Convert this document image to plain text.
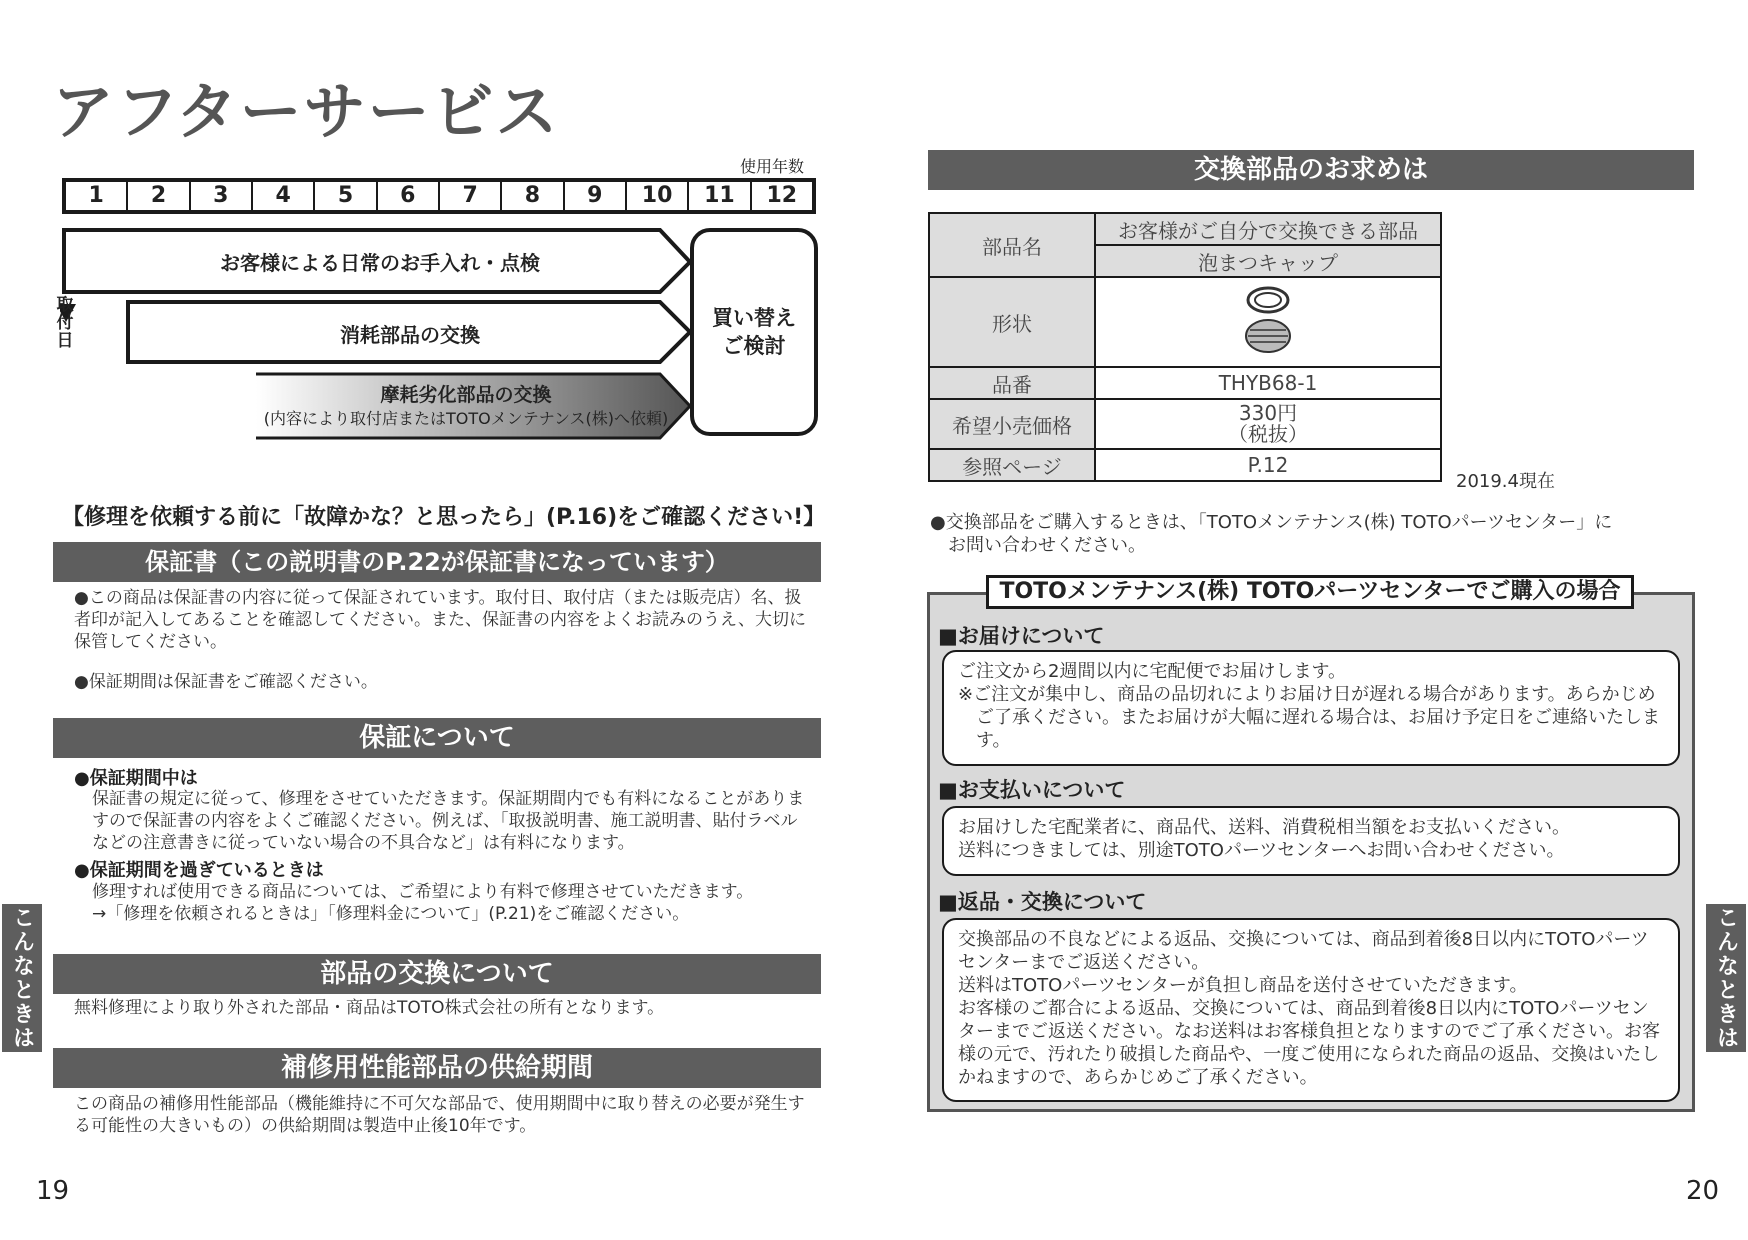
アフターサービス
使用年数
1	2	3	4	5	6	7	8	9	10	11	12
お客様による日常のお手入れ・点検
消耗部品の交換
摩耗劣化部品の交換
(内容により取付店またはTOTOメンテナンス(株)へ依頼)
取付日
買い替え
ご検討
【修理を依頼する前に「故障かな？と思ったら」(P.16)をご確認ください!】
保証書（この説明書のP.22が保証書になっています）
●この商品は保証書の内容に従って保証されています。取付日、取付店（または販売店）名、扱者印が記入してあることを確認してください。また、保証書の内容をよくお読みのうえ、大切に保管してください。
●保証期間は保証書をご確認ください。
保証について
●保証期間中は
保証書の規定に従って、修理をさせていただきます。保証期間内でも有料になることがありますので保証書の内容をよくご確認ください。例えば、「取扱説明書、施工説明書、貼付ラベルなどの注意書きに従っていない場合の不具合など」は有料になります。
●保証期間を過ぎているときは
修理すれば使用できる商品については、ご希望により有料で修理させていただきます。
→「修理を依頼されるときは」「修理料金について」(P.21)をご確認ください。
部品の交換について
無料修理により取り外された部品・商品はTOTO株式会社の所有となります。
補修用性能部品の供給期間
この商品の補修用性能部品（機能維持に不可欠な部品で、使用期間中に取り替えの必要が発生する可能性の大きいもの）の供給期間は製造中止後10年です。
こんなときは
19
交換部品のお求めは
部品名	お客様がご自分で交換できる部品
	泡まつキャップ
形状	
品番	THYB68-1
希望小売価格	330円
（税抜）

参照ページ	P.12
2019.4現在
●交換部品をご購入するときは、「TOTOメンテナンス(株) TOTOパーツセンター」に
お問い合わせください。
TOTOメンテナンス(株) TOTOパーツセンターでご購入の場合
■お届けについて
ご注文から2週間以内に宅配便でお届けします。
※ご注文が集中し、商品の品切れによりお届け日が遅れる場合があります。あらかじめご了承ください。またお届けが大幅に遅れる場合は、お届け予定日をご連絡いたします。
■お支払いについて
お届けした宅配業者に、商品代、送料、消費税相当額をお支払いください。
送料につきましては、別途TOTOパーツセンターへお問い合わせください。
■返品・交換について
交換部品の不良などによる返品、交換については、商品到着後8日以内にTOTOパーツセンターまでご返送ください。
送料はTOTOパーツセンターが負担し商品を送付させていただきます。
お客様のご都合による返品、交換については、商品到着後8日以内にTOTOパーツセンターまでご返送ください。なお送料はお客様負担となりますのでご了承ください。お客様の元で、汚れたり破損した商品や、一度ご使用になられた商品の返品、交換はいたしかねますので、あらかじめご了承ください。
こんなときは
20
